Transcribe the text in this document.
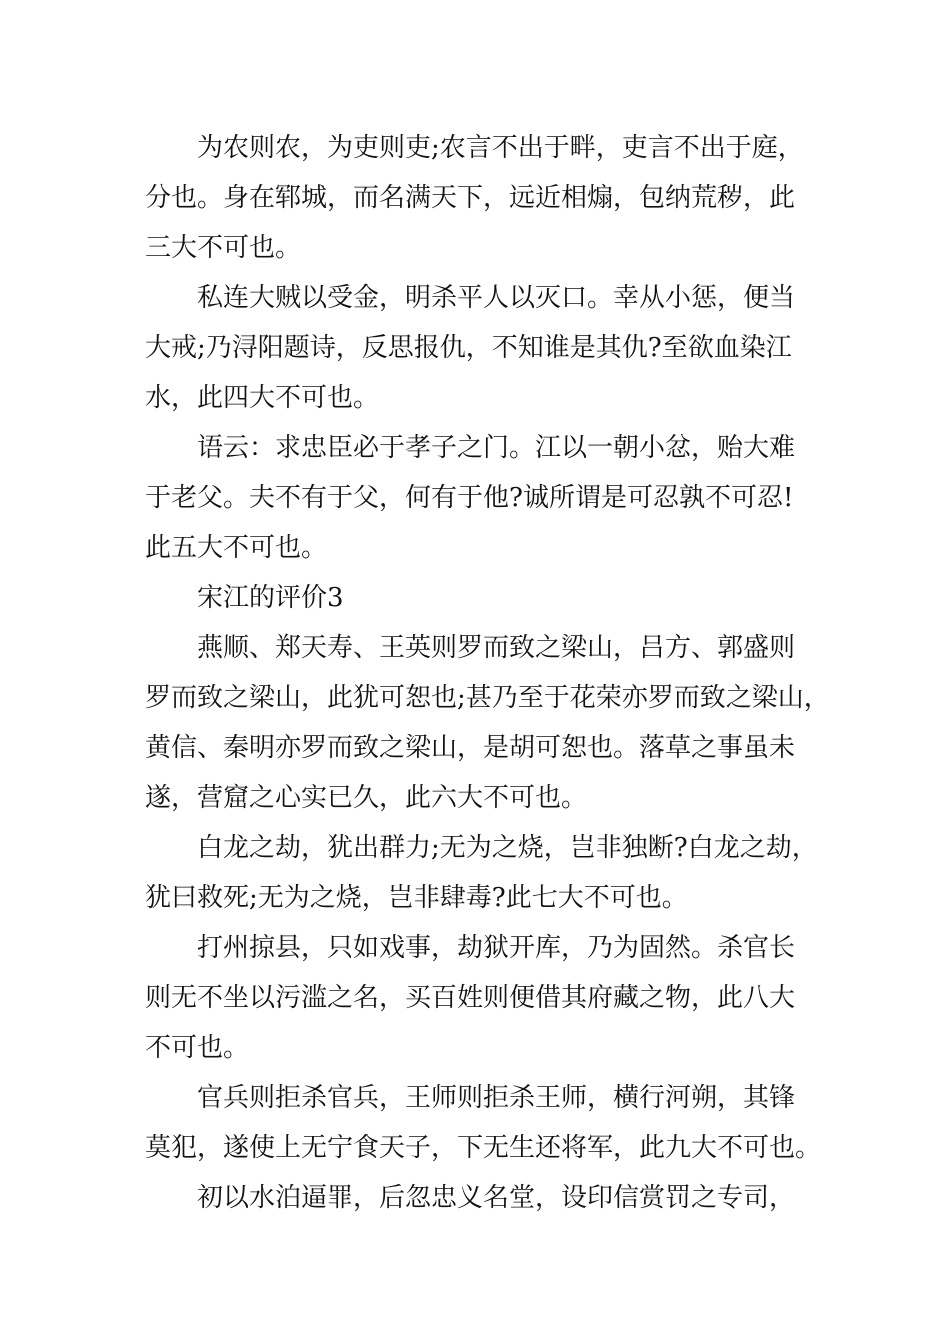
为农则农，为吏则吏;农言不出于畔，吏言不出于庭，
分也。身在郓城，而名满天下，远近相煽，包纳荒秽，此
三大不可也。
私连大贼以受金，明杀平人以灭口。幸从小惩，便当
大戒;乃浔阳题诗，反思报仇，不知谁是其仇?至欲血染江
水，此四大不可也。
语云：求忠臣必于孝子之门。江以一朝小忿，贻大难
于老父。夫不有于父，何有于他?诚所谓是可忍孰不可忍!
此五大不可也。
宋江的评价3
燕顺、郑天寿、王英则罗而致之梁山，吕方、郭盛则
罗而致之梁山，此犹可恕也;甚乃至于花荣亦罗而致之梁山，
黄信、秦明亦罗而致之梁山，是胡可恕也。落草之事虽未
遂，营窟之心实已久，此六大不可也。
白龙之劫，犹出群力;无为之烧，岂非独断?白龙之劫，
犹曰救死;无为之烧，岂非肆毒?此七大不可也。
打州掠县，只如戏事，劫狱开库，乃为固然。杀官长
则无不坐以污滥之名，买百姓则便借其府藏之物，此八大
不可也。
官兵则拒杀官兵，王师则拒杀王师，横行河朔，其锋
莫犯，遂使上无宁食天子，下无生还将军，此九大不可也。
初以水泊逼罪，后忽忠义名堂，设印信赏罚之专司，
